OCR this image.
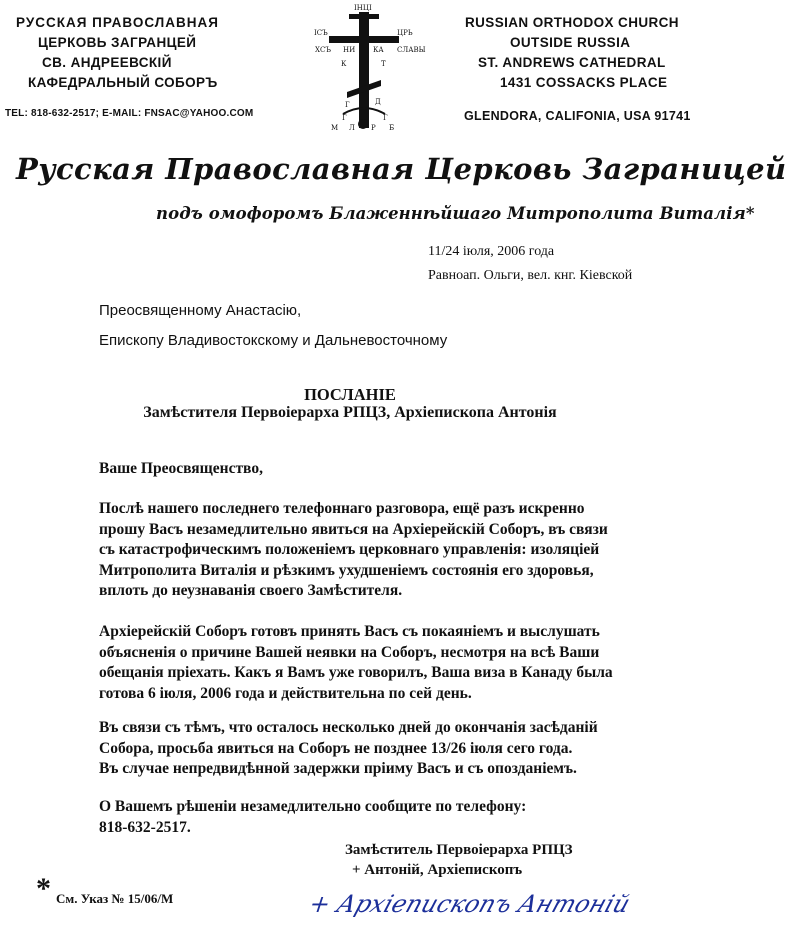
РУССКАЯ ПРАВОСЛАВНАЯ
ЦЕРКОВЬ ЗАГРАНЦЕЙ
СВ. АНДРЕЕВСКIЙ
КАФЕДРАЛЬНЫЙ СОБОРЪ
TEL: 818-632-2517; E-MAIL: FNSAC@YAHOO.COM
IНЦI
ІСЪ
ХСЪ
ЦРЬ
СЛАВЫ
НИ	КА
К	Т
Г
Г
Д
Г
М Л Р Б
RUSSIAN ORTHODOX CHURCH
OUTSIDE RUSSIA
ST. ANDREWS CATHEDRAL
1431 COSSACKS PLACE
GLENDORA, CALIFONIA, USA 91741
Русская Православная Церковь Заграницей
подъ омофоромъ Блаженнѣйшаго Митрополита Виталiя*
11/24 iюля, 2006 года
Равноап. Ольги, вел. кнг. Кiевской
Преосвященному Анастасiю,
Епископу Владивостокскому и Дальневосточному
ПОСЛАНIЕ
Замѣстителя Первоiерарха РПЦЗ, Архiепископа Антонiя
Ваше Преосвященство,
Послѣ нашего последнего телефоннаго разговора, ещё разъ искренно
прошу Васъ незамедлительно явиться на Архiерейскiй Соборъ, въ связи
съ катастрофическимъ положенiемъ церковнаго управленiя: изоляцiей
Митрополита Виталiя и рѣзкимъ ухудшенiемъ состоянiя его здоровья,
вплоть до неузнаванiя своего Замѣстителя.
Архiерейскiй Соборъ готовъ принять Васъ съ покаянiемъ и выслушать
объясненiя о причине Вашей неявки на Соборъ, несмотря на всѣ Ваши
обещанiя прiехать. Какъ я Вамъ уже говорилъ, Ваша виза в Канаду была
готова 6 iюля, 2006 года и действительна по сей день.
Въ связи съ тѣмъ, что осталось несколько дней до окончанiя засѣданiй
Собора, просьба явиться на Соборъ не позднее 13/26 iюля сего года.
Въ случае непредвидѣнной задержки прiиму Васъ и съ опозданiемъ.
О Вашемъ рѣшенiи незамедлительно сообщите по телефону:
818-632-2517.
Замѣститель Первоiерарха РПЦЗ
+ Антонiй, Архiепископъ
+ Архiепископъ Антонiй
* См. Указ № 15/06/М
